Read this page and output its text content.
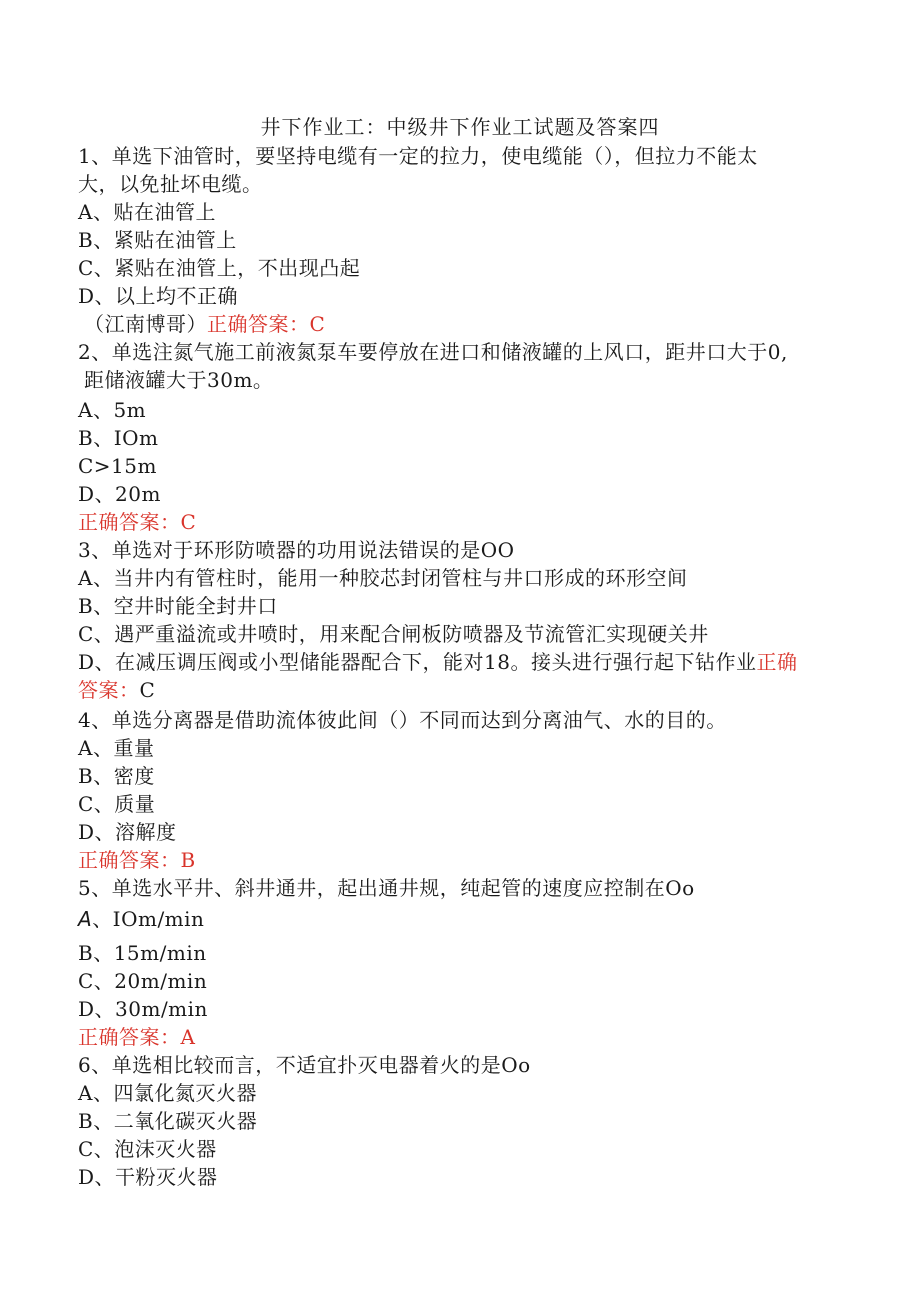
井下作业工：中级井下作业工试题及答案四
1、单选下油管时，要坚持电缆有一定的拉力，使电缆能（），但拉力不能太
大，以免扯坏电缆。
A、贴在油管上
B、紧贴在油管上
C、紧贴在油管上，不出现凸起
D、以上均不正确
（江南博哥）正确答案：C
2、单选注氮气施工前液氮泵车要停放在进口和储液罐的上风口，距井口大于0,
距储液罐大于30m。
A、5m
B、IOm
C>15m
D、20m
正确答案：C
3、单选对于环形防喷器的功用说法错误的是OO
A、当井内有管柱时，能用一种胶芯封闭管柱与井口形成的环形空间
B、空井时能全封井口
C、遇严重溢流或井喷时，用来配合闸板防喷器及节流管汇实现硬关井
D、在减压调压阀或小型储能器配合下，能对18。接头进行强行起下钻作业正确
答案：C
4、单选分离器是借助流体彼此间（）不同而达到分离油气、水的目的。
A、重量
B、密度
C、质量
D、溶解度
正确答案：B
5、单选水平井、斜井通井，起出通井规，纯起管的速度应控制在Oo
A、IOm/min
B、15m/min
C、20m/min
D、30m/min
正确答案：A
6、单选相比较而言，不适宜扑灭电器着火的是Oo
A、四氯化氮灭火器
B、二氧化碳灭火器
C、泡沫灭火器
D、干粉灭火器
